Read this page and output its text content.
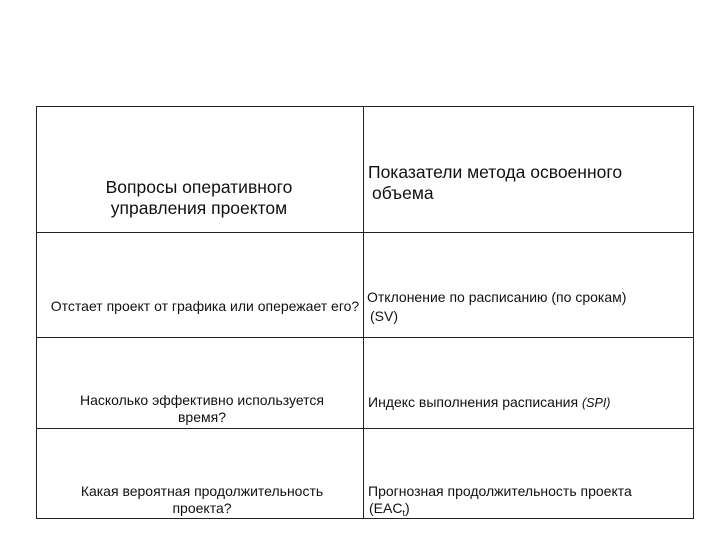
Вопросы оперативного управления проектом
Показатели метода освоенного
объема
Отстает проект от графика или опережает его?
Отклонение по расписанию (по срокам)
(SV)
Насколько эффективно используется время?
Индекс выполнения расписания (SPI)
Какая вероятная продолжительность проекта?
Прогнозная продолжительность проекта
$(EAC_t)$
